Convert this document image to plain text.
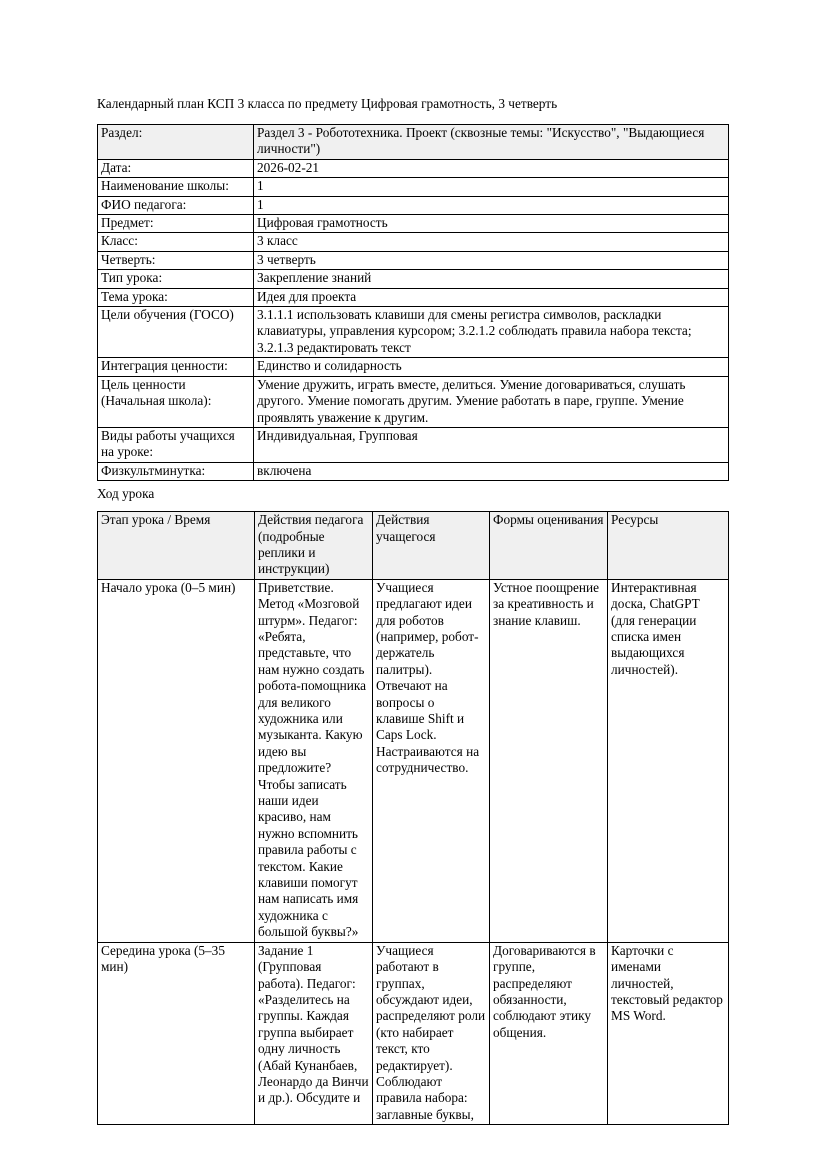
Календарный план КСП 3 класса по предмету Цифровая грамотность, 3 четверть
Раздел:	Раздел 3 - Робототехника. Проект (сквозные темы: "Искусство", "Выдающиеся личности")
Дата:	2026-02-21
Наименование школы:	1
ФИО педагога:	1
Предмет:	Цифровая грамотность
Класс:	3 класс
Четверть:	3 четверть
Тип урока:	Закрепление знаний
Тема урока:	Идея для проекта
Цели обучения (ГОСО)	3.1.1.1 использовать клавиши для смены регистра символов, раскладки клавиатуры, управления курсором; 3.2.1.2 соблюдать правила набора текста; 3.2.1.3 редактировать текст
Интеграция ценности:	Единство и солидарность
Цель ценности (Начальная школа):	Умение дружить, играть вместе, делиться. Умение договариваться, слушать другого. Умение помогать другим. Умение работать в паре, группе. Умение проявлять уважение к другим.
Виды работы учащихся на уроке:	Индивидуальная, Групповая
Физкультминутка:	включена
Ход урока
Этап урока / Время	Действия педагога (подробные реплики и инструкции)	Действия учащегося	Формы оценивания	Ресурсы
Начало урока (0–5 мин)	Приветствие. Метод «Мозговой штурм». Педагог: «Ребята, представьте, что нам нужно создать робота-помощника для великого художника или музыканта. Какую идею вы предложите? Чтобы записать наши идеи красиво, нам нужно вспомнить правила работы с текстом. Какие клавиши помогут нам написать имя художника с большой буквы?»	Учащиеся предлагают идеи для роботов (например, робот-держатель палитры). Отвечают на вопросы о клавише Shift и Caps Lock. Настраиваются на сотрудничество.	Устное поощрение за креативность и знание клавиш.	Интерактивная доска, ChatGPT (для генерации списка имен выдающихся личностей).
Середина урока (5–35 мин)	Задание 1 (Групповая работа). Педагог: «Разделитесь на группы. Каждая группа выбирает одну личность (Абай Кунанбаев, Леонардо да Винчи и др.). Обсудите и	Учащиеся работают в группах, обсуждают идеи, распределяют роли (кто набирает текст, кто редактирует). Соблюдают правила набора: заглавные буквы,	Договариваются в группе, распределяют обязанности, соблюдают этику общения.	Карточки с именами личностей, текстовый редактор MS Word.
